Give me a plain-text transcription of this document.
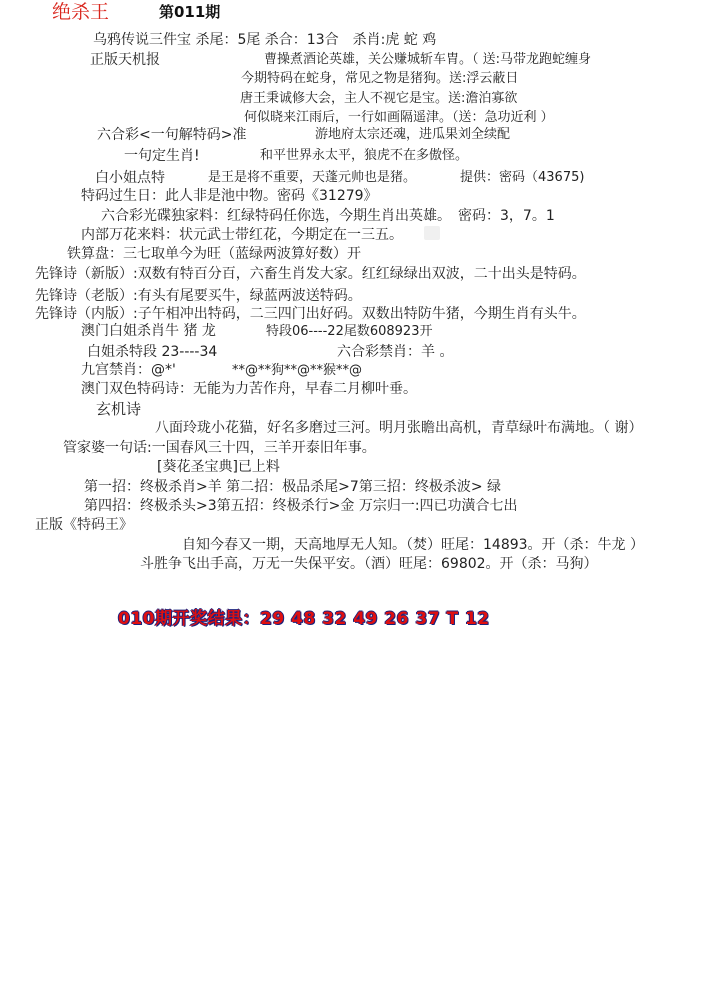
绝杀王	第011期
乌鸦传说三件宝 杀尾：5尾 杀合：13合　杀肖:虎 蛇 鸡
正版天机报	曹操煮酒论英雄，关公赚城斩车胄。（ 送:马带龙跑蛇缠身
今期特码在蛇身，常见之物是猪狗。送:浮云蔽日
唐王秉诚修大会，主人不视它是宝。送:澹泊寡欲
何似晓来江雨后，一行如画隔遥津。（送：急功近利 ）
六合彩<一句解特码>准	游地府太宗还魂，进瓜果刘全续配
一句定生肖!	和平世界永太平，狼虎不在多傲怪。
白小姐点特	是王是将不重要，天蓬元帅也是猪。	提供：密码（43675)
特码过生日：此人非是池中物。密码《31279》
六合彩光碟独家料：红绿特码任你选，今期生肖出英雄。　密码：3，7。1
内部万花来料：状元武士带红花，今期定在一三五。
铁算盘：三七取单今为旺（蓝绿两波算好数）开
先锋诗（新版）:双数有特百分百，六畜生肖发大家。红红绿绿出双波，二十出头是特码。
先锋诗（老版）:有头有尾要买牛，绿蓝两波送特码。
先锋诗（内版）:子午相冲出特码，二三四门出好码。双数出特防牛猪，今期生肖有头牛。
澳门白姐杀肖牛 猪 龙	特段06----22尾数608923开
白姐杀特段 23----34	六合彩禁肖：羊 。
九宫禁肖：@*'	**@**狗**@**猴**@
澳门双色特码诗：无能为力苦作舟，早春二月柳叶垂。
玄机诗
八面玲珑小花猫，好名多磨过三河。明月张瞻出高机，青草绿叶布满地。（ 谢）
管家婆一句话:一国春风三十四，三羊开泰旧年事。
[葵花圣宝典]已上料
第一招：终极杀肖>羊 第二招：极品杀尾>7第三招：终极杀波> 绿
第四招：终极杀头>3第五招：终极杀行>金 万宗归一:四已功潢合七出
正版《特码王》
自知今春又一期，天高地厚无人知。（焚）旺尾：14893。开（杀：牛龙 ）
斗胜争飞出手高，万无一失保平安。（酒）旺尾：69802。开（杀：马狗）
010期开奖结果：29 48 32 49 26 37 T 12
